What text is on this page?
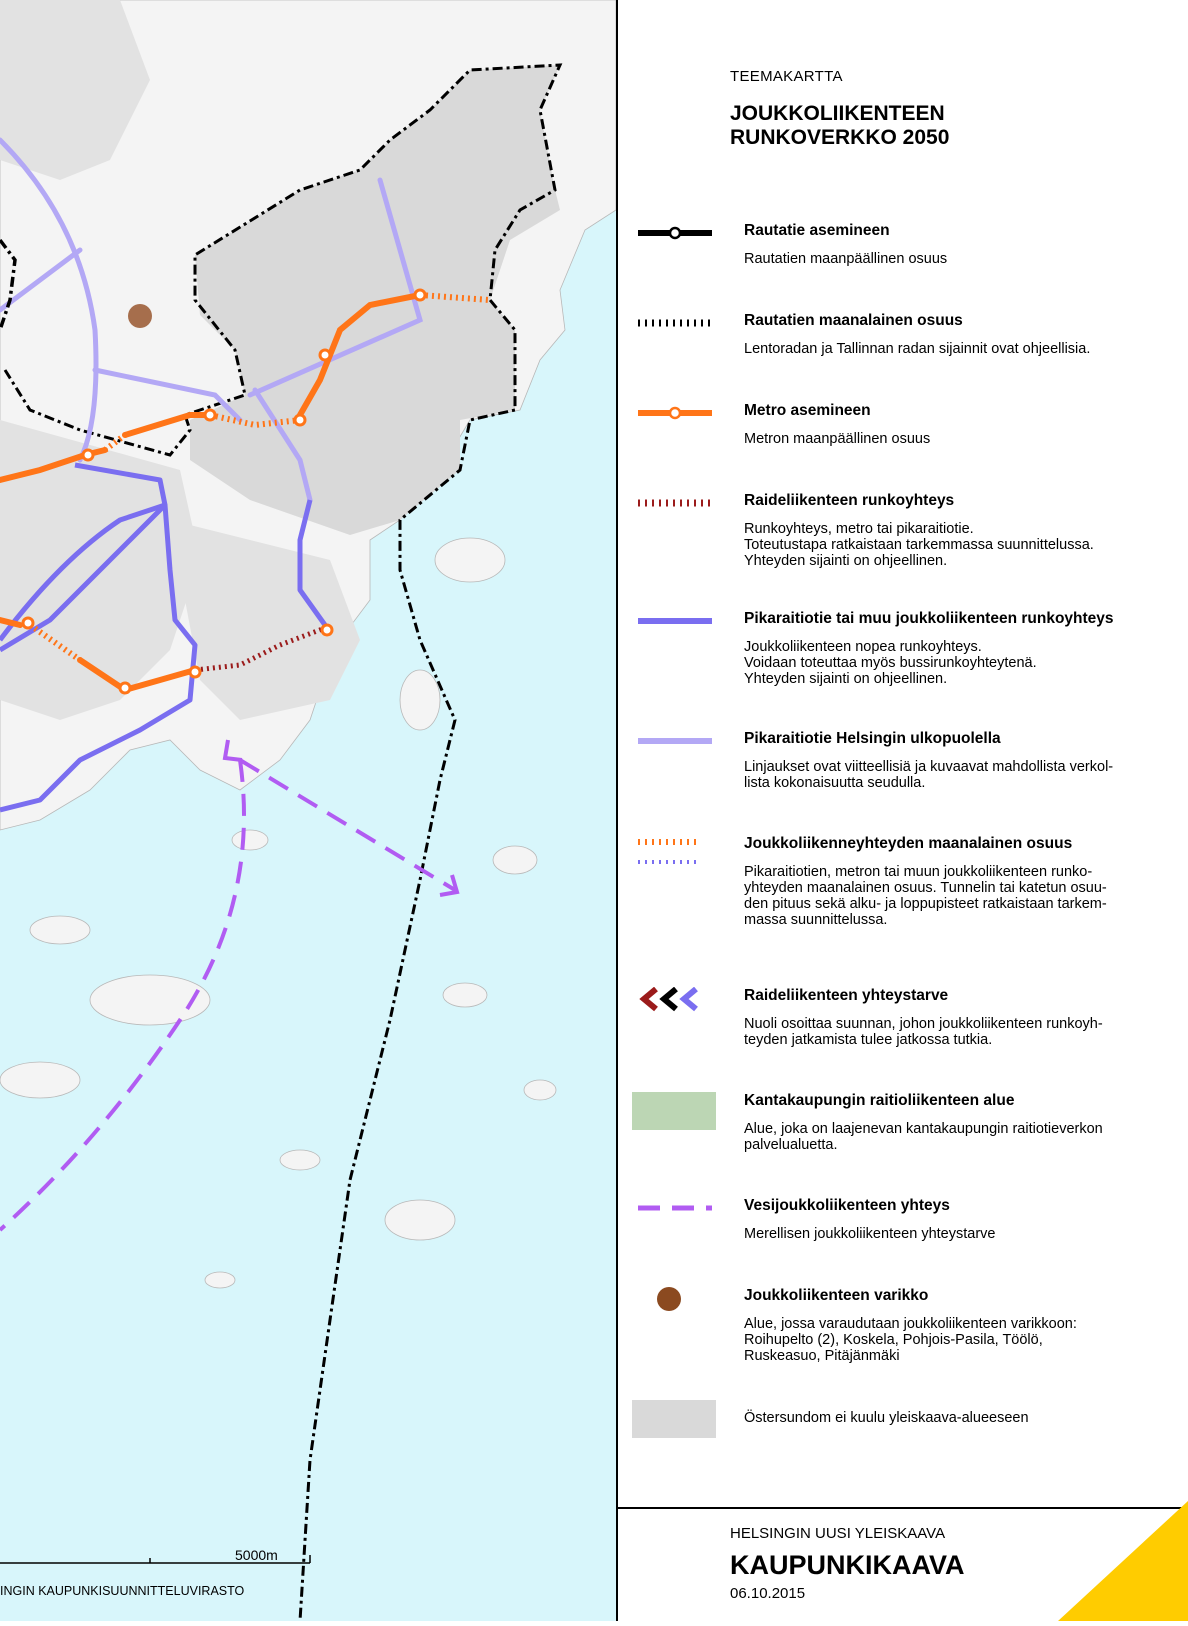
5000m
INGIN KAUPUNKISUUNNITTELUVIRASTO
TEEMAKARTTA
JOUKKOLIIKENTEEN
RUNKOVERKKO 2050
Rautatie asemineen
Rautatien maanpäällinen osuus
Rautatien maanalainen osuus
Lentoradan ja Tallinnan radan sijainnit ovat ohjeellisia.
Metro asemineen
Metron maanpäällinen osuus
Raideliikenteen runkoyhteys
Runkoyhteys, metro tai pikaraitiotie.
Toteutustapa ratkaistaan tarkemmassa suunnittelussa.
Yhteyden sijainti on ohjeellinen.
Pikaraitiotie tai muu joukkoliikenteen runkoyhteys
Joukkoliikenteen nopea runkoyhteys.
Voidaan toteuttaa myös bussirunkoyhteytenä.
Yhteyden sijainti on ohjeellinen.
Pikaraitiotie Helsingin ulkopuolella
Linjaukset ovat viitteellisiä ja kuvaavat mahdollista verkol-
lista kokonaisuutta seudulla.
Joukkoliikenneyhteyden maanalainen osuus
Pikaraitiotien, metron tai muun joukkoliikenteen runko-
yhteyden maanalainen osuus. Tunnelin tai katetun osuu-
den pituus sekä alku- ja loppupisteet ratkaistaan tarkem-
massa suunnittelussa.
Raideliikenteen yhteystarve
Nuoli osoittaa suunnan, johon joukkoliikenteen runkoyh-
teyden jatkamista tulee jatkossa tutkia.
Kantakaupungin raitioliikenteen alue
Alue, joka on laajenevan kantakaupungin raitiotieverkon
palvelualuetta.
Vesijoukkoliikenteen yhteys
Merellisen joukkoliikenteen yhteystarve
Joukkoliikenteen varikko
Alue, jossa varaudutaan joukkoliikenteen varikkoon:
Roihupelto (2), Koskela, Pohjois-Pasila, Töölö,
Ruskeasuo, Pitäjänmäki
Östersundom ei kuulu yleiskaava-alueeseen
HELSINGIN UUSI YLEISKAAVA
KAUPUNKIKAAVA
06.10.2015
